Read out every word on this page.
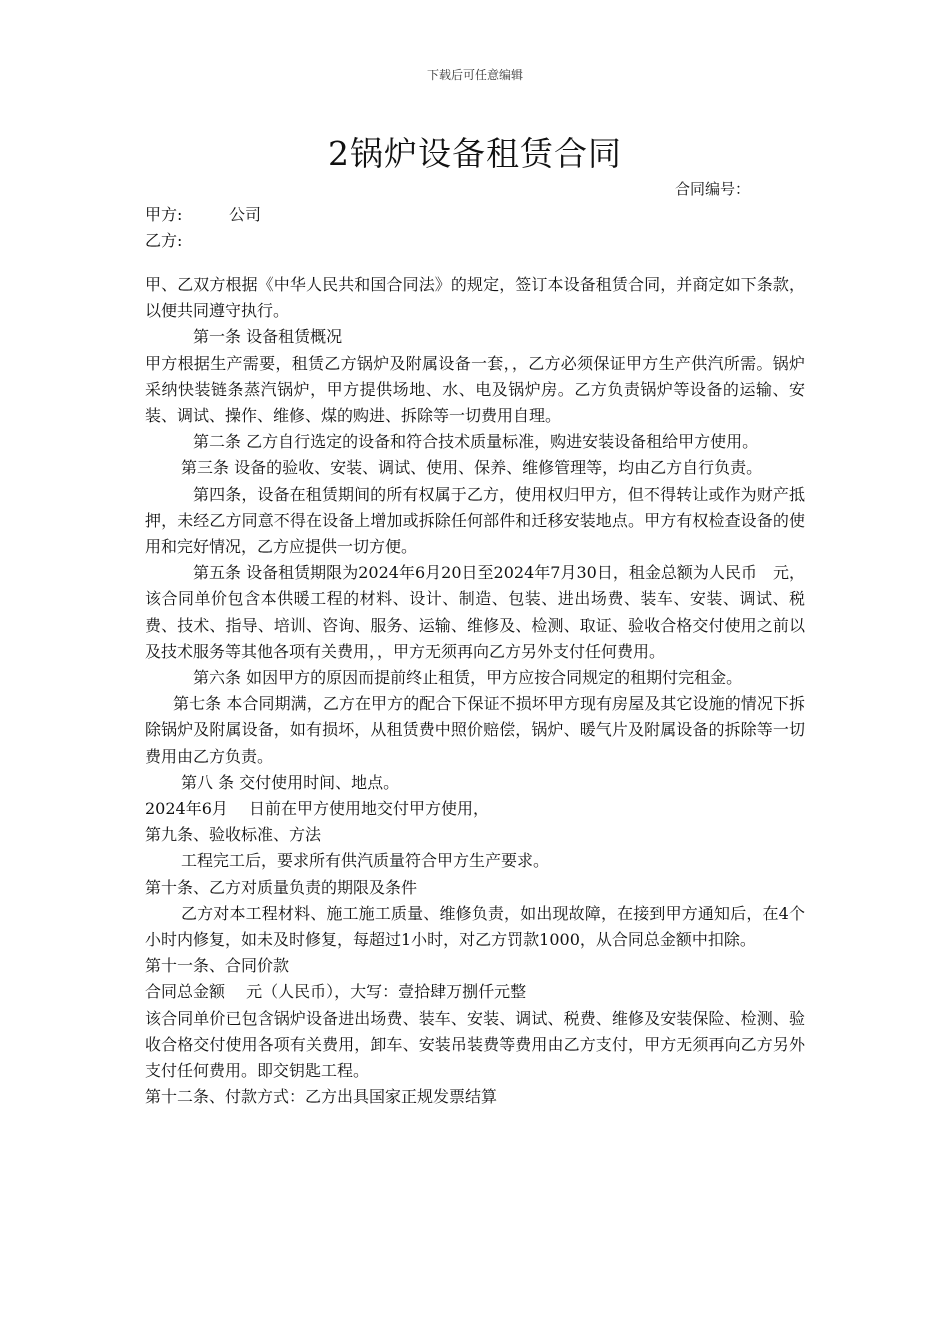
下载后可任意编辑
2锅炉设备租赁合同
合同编号：
甲方:	公司
乙方:

甲、乙双方根据《中华人民共和国合同法》的规定，签订本设备租赁合同，并商定如下条款，以便共同遵守执行。

第一条 设备租赁概况

甲方根据生产需要，租赁乙方锅炉及附属设备一套，，乙方必须保证甲方生产供汽所需。锅炉采纳快装链条蒸汽锅炉，甲方提供场地、水、电及锅炉房。乙方负责锅炉等设备的运输、安装、调试、操作、维修、煤的购进、拆除等一切费用自理。

第二条 乙方自行选定的设备和符合技术质量标准，购进安装设备租给甲方使用。

第三条 设备的验收、安装、调试、使用、保养、维修管理等，均由乙方自行负责。

第四条，设备在租赁期间的所有权属于乙方，使用权归甲方，但不得转让或作为财产抵押，未经乙方同意不得在设备上增加或拆除任何部件和迁移安装地点。甲方有权检查设备的使用和完好情况，乙方应提供一切方便。

第五条 设备租赁期限为2024年6月20日至2024年7月30日，租金总额为人民币　元，该合同单价包含本供暖工程的材料、设计、制造、包装、进出场费、装车、安装、调试、税费、技术、指导、培训、咨询、服务、运输、维修及、检测、取证、验收合格交付使用之前以及技术服务等其他各项有关费用，，甲方无须再向乙方另外支付任何费用。

第六条 如因甲方的原因而提前终止租赁，甲方应按合同规定的租期付完租金。

第七条 本合同期满，乙方在甲方的配合下保证不损坏甲方现有房屋及其它设施的情况下拆除锅炉及附属设备，如有损坏，从租赁费中照价赔偿，锅炉、暖气片及附属设备的拆除等一切费用由乙方负责。

第八 条 交付使用时间、地点。

2024年6月　 日前在甲方使用地交付甲方使用，

第九条、验收标准、方法

工程完工后，要求所有供汽质量符合甲方生产要求。

第十条、乙方对质量负责的期限及条件

乙方对本工程材料、施工施工质量、维修负责，如出现故障，在接到甲方通知后，在4个小时内修复，如未及时修复，每超过1小时，对乙方罚款1000，从合同总金额中扣除。

第十一条、合同价款

合同总金额　 元（人民币），大写：壹拾肆万捌仟元整

该合同单价已包含锅炉设备进出场费、装车、安装、调试、税费、维修及安装保险、检测、验收合格交付使用各项有关费用，卸车、安装吊装费等费用由乙方支付，甲方无须再向乙方另外支付任何费用。即交钥匙工程。

第十二条、付款方式：乙方出具国家正规发票结算
